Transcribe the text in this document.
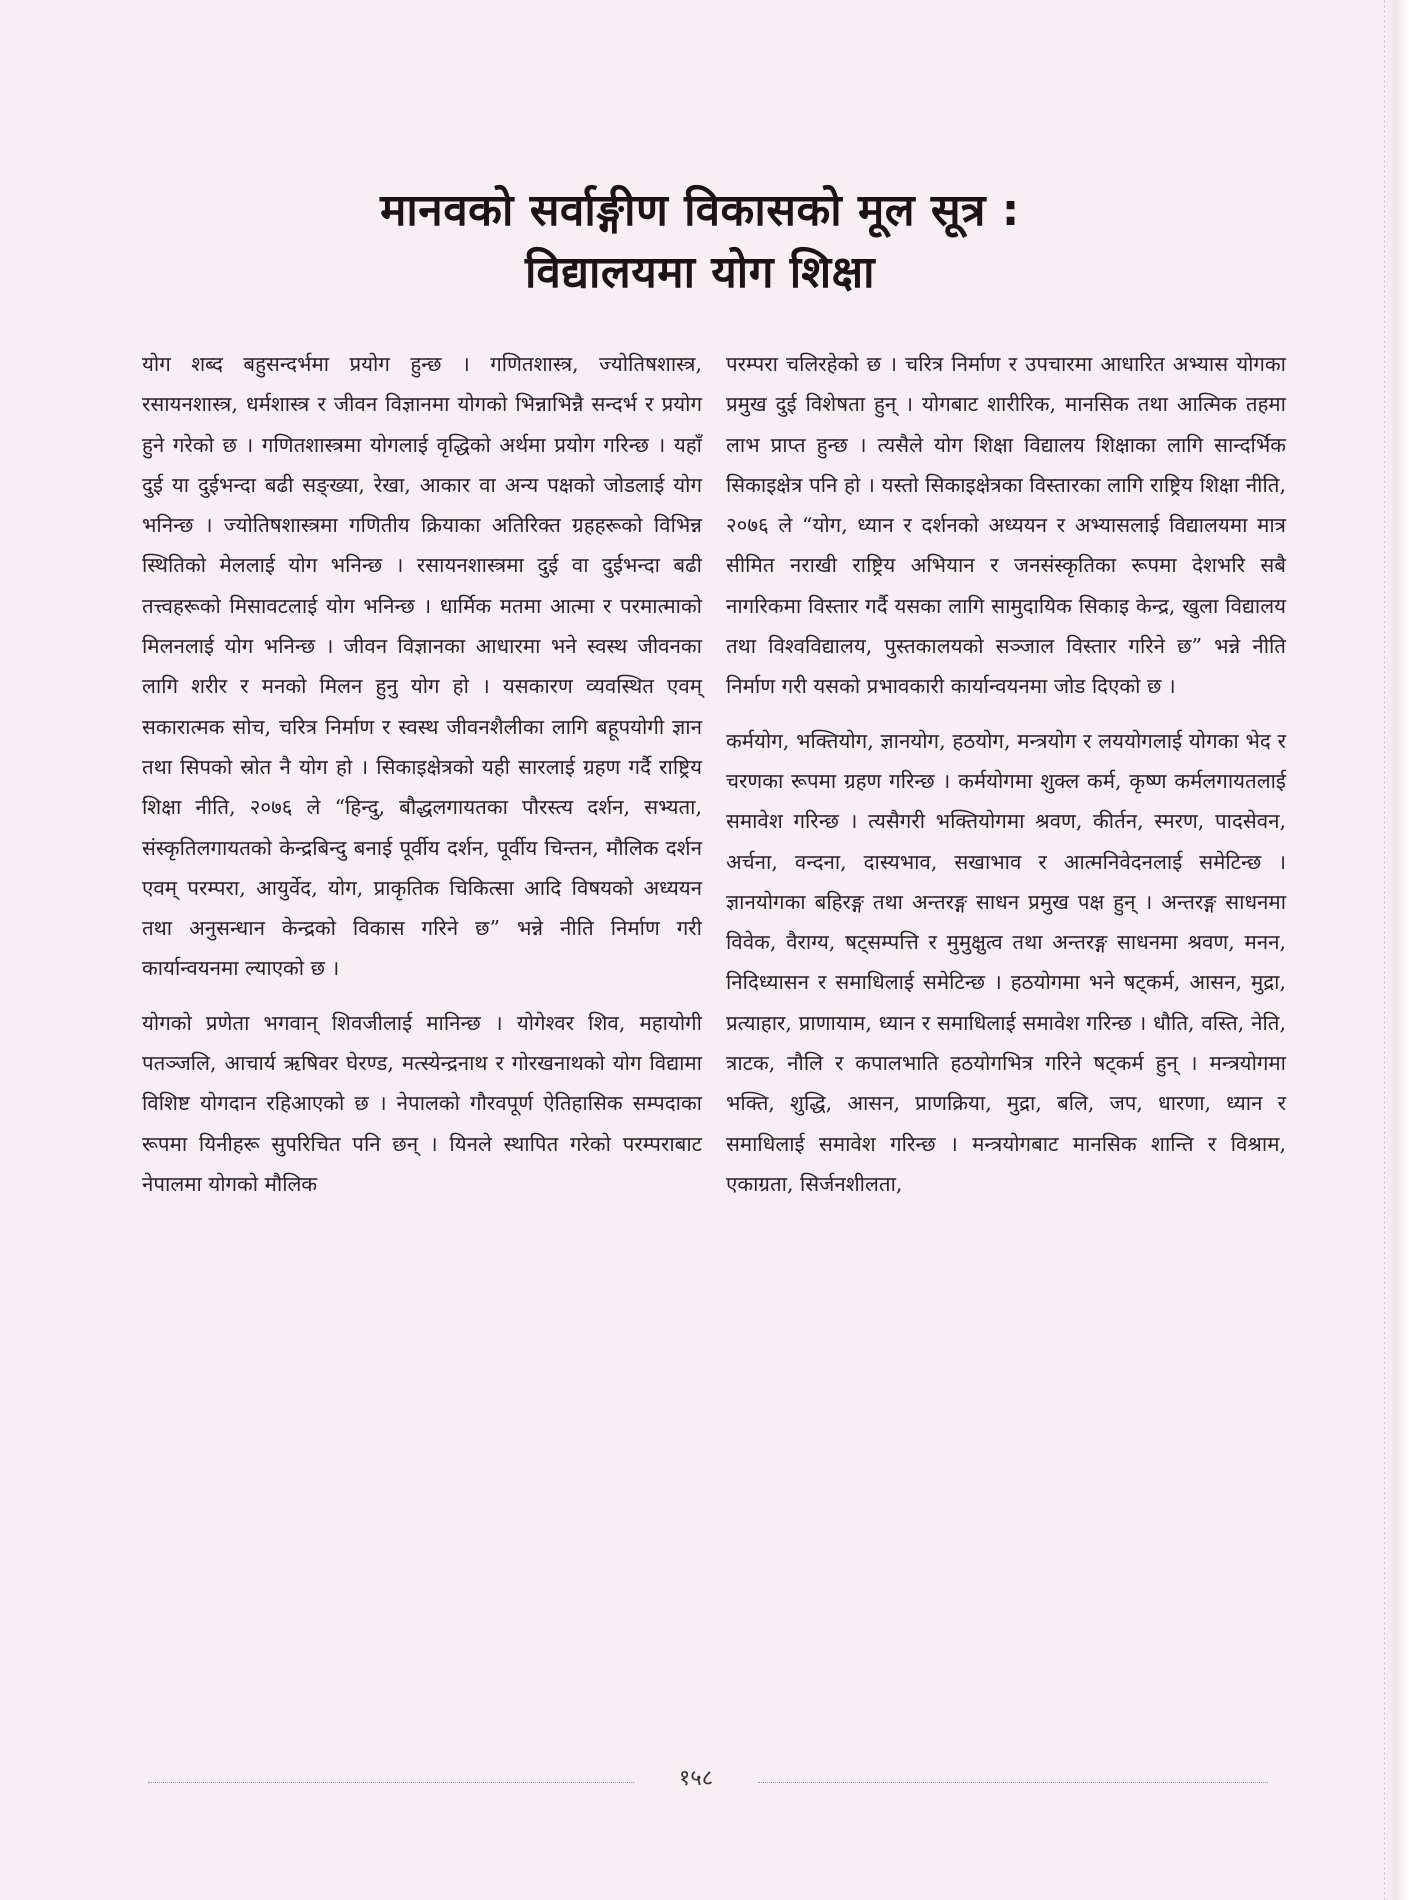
मानवको सर्वाङ्गीण विकासको मूल सूत्र :
विद्यालयमा योग शिक्षा

योग शब्द बहुसन्दर्भमा प्रयोग हुन्छ । गणितशास्त्र, ज्योतिषशास्त्र, रसायनशास्त्र, धर्मशास्त्र र जीवन विज्ञानमा योगको भिन्नाभिन्नै सन्दर्भ र प्रयोग हुने गरेको छ । गणितशास्त्रमा योगलाई वृद्धिको अर्थमा प्रयोग गरिन्छ । यहाँ दुई या दुईभन्दा बढी सङ्ख्या, रेखा, आकार वा अन्य पक्षको जोडलाई योग भनिन्छ । ज्योतिषशास्त्रमा गणितीय क्रियाका अतिरिक्त ग्रहहरूको विभिन्न स्थितिको मेललाई योग भनिन्छ । रसायनशास्त्रमा दुई वा दुईभन्दा बढी तत्त्वहरूको मिसावटलाई योग भनिन्छ । धार्मिक मतमा आत्मा र परमात्माको मिलनलाई योग भनिन्छ । जीवन विज्ञानका आधारमा भने स्वस्थ जीवनका लागि शरीर र मनको मिलन हुनु योग हो । यसकारण व्यवस्थित एवम् सकारात्मक सोच, चरित्र निर्माण र स्वस्थ जीवनशैलीका लागि बहूपयोगी ज्ञान तथा सिपको स्रोत नै योग हो । सिकाइक्षेत्रको यही सारलाई ग्रहण गर्दै राष्ट्रिय शिक्षा नीति, २०७६ ले “हिन्दु, बौद्धलगायतका पौरस्त्य दर्शन, सभ्यता, संस्कृतिलगायतको केन्द्रबिन्दु बनाई पूर्वीय दर्शन, पूर्वीय चिन्तन, मौलिक दर्शन एवम् परम्परा, आयुर्वेद, योग, प्राकृतिक चिकित्सा आदि विषयको अध्ययन तथा अनुसन्धान केन्द्रको विकास गरिने छ” भन्ने नीति निर्माण गरी कार्यान्वयनमा ल्याएको छ ।

योगको प्रणेता भगवान् शिवजीलाई मानिन्छ । योगेश्वर शिव, महायोगी पतञ्जलि, आचार्य ऋषिवर घेरण्ड, मत्स्येन्द्रनाथ र गोरखनाथको योग विद्यामा विशिष्ट योगदान रहिआएको छ । नेपालको गौरवपूर्ण ऐतिहासिक सम्पदाका रूपमा यिनीहरू सुपरिचित पनि छन् । यिनले स्थापित गरेको परम्पराबाट नेपालमा योगको मौलिक

परम्परा चलिरहेको छ । चरित्र निर्माण र उपचारमा आधारित अभ्यास योगका प्रमुख दुई विशेषता हुन् । योगबाट शारीरिक, मानसिक तथा आत्मिक तहमा लाभ प्राप्त हुन्छ । त्यसैले योग शिक्षा विद्यालय शिक्षाका लागि सान्दर्भिक सिकाइक्षेत्र पनि हो । यस्तो सिकाइक्षेत्रका विस्तारका लागि राष्ट्रिय शिक्षा नीति, २०७६ ले “योग, ध्यान र दर्शनको अध्ययन र अभ्यासलाई विद्यालयमा मात्र सीमित नराखी राष्ट्रिय अभियान र जनसंस्कृतिका रूपमा देशभरि सबै नागरिकमा विस्तार गर्दै यसका लागि सामुदायिक सिकाइ केन्द्र, खुला विद्यालय तथा विश्वविद्यालय, पुस्तकालयको सञ्जाल विस्तार गरिने छ” भन्ने नीति निर्माण गरी यसको प्रभावकारी कार्यान्वयनमा जोड दिएको छ ।

कर्मयोग, भक्तियोग, ज्ञानयोग, हठयोग, मन्त्रयोग र लययोगलाई योगका भेद र चरणका रूपमा ग्रहण गरिन्छ । कर्मयोगमा शुक्ल कर्म, कृष्ण कर्मलगायतलाई समावेश गरिन्छ । त्यसैगरी भक्तियोगमा श्रवण, कीर्तन, स्मरण, पादसेवन, अर्चना, वन्दना, दास्यभाव, सखाभाव र आत्मनिवेदनलाई समेटिन्छ । ज्ञानयोगका बहिरङ्ग तथा अन्तरङ्ग साधन प्रमुख पक्ष हुन् । अन्तरङ्ग साधनमा विवेक, वैराग्य, षट्सम्पत्ति र मुमुक्षुत्व तथा अन्तरङ्ग साधनमा श्रवण, मनन, निदिध्यासन र समाधिलाई समेटिन्छ । हठयोगमा भने षट्कर्म, आसन, मुद्रा, प्रत्याहार, प्राणायाम, ध्यान र समाधिलाई समावेश गरिन्छ । धौति, वस्ति, नेति, त्राटक, नौलि र कपालभाति हठयोगभित्र गरिने षट्कर्म हुन् । मन्त्रयोगमा भक्ति, शुद्धि, आसन, प्राणक्रिया, मुद्रा, बलि, जप, धारणा, ध्यान र समाधिलाई समावेश गरिन्छ । मन्त्रयोगबाट मानसिक शान्ति र विश्राम, एकाग्रता, सिर्जनशीलता,

१५८
